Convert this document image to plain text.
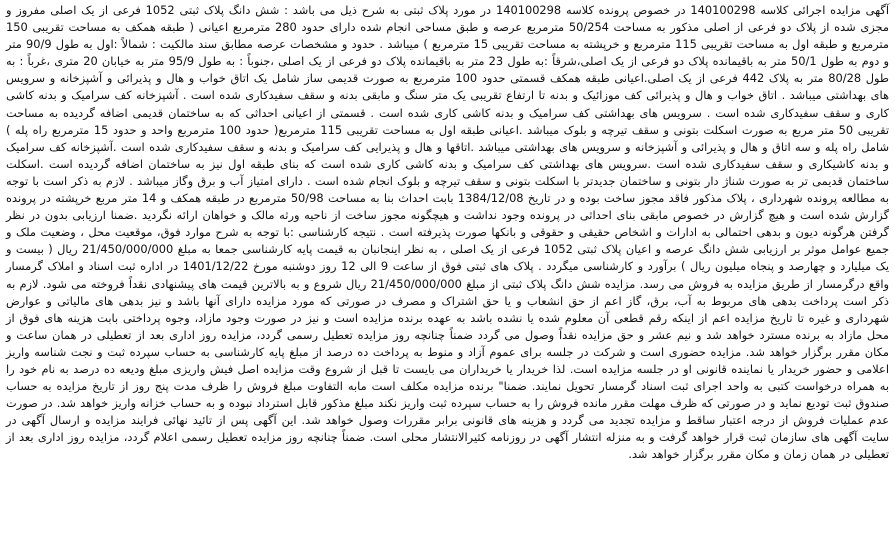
آگهی مزایده اجرائی کلاسه 140100298 در خصوص پرونده کلاسه 140100298 در مورد پلاک ثبتی به شرح ذیل می باشد : شش دانگ پلاک ثبتی 1052 فرعی از یک اصلی مفروز و مجزی شده از پلاک دو فرعی از اصلی مذکور به مساحت 50/254 مترمربع عرصه و طبق مساحی انجام شده دارای حدود 280 مترمربع اعیانی ( طبقه همکف به مساحت تقریبی 150 مترمربع و طبقه اول به مساحت تقریبی 115 مترمربع و خرپشته به مساحت تقریبی 15 مترمربع ) میباشد . حدود و مشخصات عرصه مطابق سند مالکیت : شمالاً :اول به طول 90/9 متر و دوم به طول 50/1 متر به باقیمانده پلاک دو فرعی از یک اصلی،شرقاً :به طول 23 متر به باقیمانده پلاک دو فرعی از یک اصلی ،جنوباً : به طول 95/9 متر به خیابان 20 متری ،غرباً : به طول 80/28 متر به پلاک 442 فرعی از یک اصلی.اعیانی طبقه همکف قسمتی حدود 100 مترمربع به صورت قدیمی ساز شامل یک اتاق خواب و هال و پذیرائی و آشپزخانه و سرویس های بهداشتی میباشد . اتاق خواب و هال و پذیرائی کف موزائیک و بدنه تا ارتفاع تقریبی یک متر سنگ و مابقی بدنه و سقف سفیدکاری شده است . آشپزخانه کف سرامیک و بدنه کاشی کاری و سقف سفیدکاری شده است . سرویس های بهداشتی کف سرامیک و بدنه کاشی کاری شده است . قسمتی از اعیانی احداثی که به ساختمان قدیمی اضافه گردیده به مساحت تقریبی 50 متر مربع به صورت اسکلت بتونی و سقف تیرچه و بلوک میباشد .اعیانی طبقه اول به مساحت تقریبی 115 مترمربع( حدود 100 مترمربع واحد و حدود 15 مترمربع راه پله ) شامل راه پله و سه اتاق و هال و پذیرائی و آشپزخانه و سرویس های بهداشتی میباشد .اتاقها و هال و پذیرایی کف سرامیک و بدنه و سقف سفیدکاری شده است .آشپزخانه کف سرامیک و بدنه کاشیکاری و سقف سفیدکاری شده است .سرویس های بهداشتی کف سرامیک و بدنه کاشی کاری شده است که بنای طبقه اول نیز به ساختمان اضافه گردیده است .اسکلت ساختمان قدیمی تر به صورت شناژ دار بتونی و ساختمان جدیدتر با اسکلت بتونی و سقف تیرچه و بلوک انجام شده است . دارای امتیاز آب و برق وگاز میباشد . لازم به ذکر است با توجه به مطالعه پرونده شهرداری ، پلاک مذکور فاقد مجوز ساخت بوده و در تاریخ 1384/12/08 بابت احداث بنا به مساحت 50/98 مترمربع در طبقه همکف و 14 متر مربع خرپشته در پرونده گزارش شده است و هیچ گزارش در خصوص مابقی بنای احداثی در پرونده وجود نداشت و هیچگونه مجوز ساخت از ناحیه ورثه مالک و خواهان ارائه نگردید .ضمنا ارزیابی بدون در نظر گرفتن هرگونه دیون و بدهی احتمالی به ادارات و اشخاص حقیقی و حقوقی و بانکها صورت پذیرفته است . نتیجه کارشناسی :با توجه به شرح موارد فوق، موقعیت محل ، وضعیت ملک و جمیع عوامل موثر بر ارزیابی شش دانگ عرصه و اعیان پلاک ثبتی 1052 فرعی از یک اصلی ، به نظر اینجانبان به قیمت پایه کارشناسی جمعا به مبلغ 21/450/000/000 ریال ( بیست و یک میلیارد و چهارصد و پنجاه میلیون ریال ) برآورد و کارشناسی میگردد . پلاک های ثبتی فوق از ساعت 9 الی 12 روز دوشنبه مورخ 1401/12/22 در اداره ثبت اسناد و املاک گرمسار واقع درگرمسار از طریق مزایده به فروش می رسد. مزایده شش دانگ پلاک ثبتی از مبلغ 21/450/000/000 ریال شروع و به بالاترین قیمت های پیشنهادی نقداً فروخته می شود. لازم به ذکر است پرداخت بدهی های مربوط به آب، برق، گاز اعم از حق انشعاب و یا حق اشتراک و مصرف در صورتی که مورد مزایده دارای آنها باشد و نیز بدهی های مالیاتی و عوارض شهرداری و غیره تا تاریخ مزایده اعم از اینکه رقم قطعی آن معلوم شده یا نشده باشد به عهده برنده مزایده است و نیز در صورت وجود مازاد، وجوه پرداختی بابت هزینه های فوق از محل مازاد به برنده مسترد خواهد شد و نیم عشر و حق مزایده نقداً وصول می گردد ضمناً چنانچه روز مزایده تعطیل رسمی گردد، مزایده روز اداری بعد از تعطیلی در همان ساعت و مکان مقرر برگزار خواهد شد. مزایده حضوری است و شرکت در جلسه برای عموم آزاد و منوط به پرداخت ده درصد از مبلغ پایه کارشناسی به حساب سپرده ثبت و نجت شناسه واریز اعلامی و حضور خریدار یا نماینده قانونی او در جلسه مزایده است. لذا خریدار یا خریداران می بایست تا قبل از شروع وقت مزایده اصل فیش واریزی مبلغ ودیعه ده درصد به نام خود را به همراه درخواست کتبی به واحد اجرای ثبت اسناد گرمسار تحویل نمایند. ضمنا" برنده مزایده مکلف است مابه التفاوت مبلغ فروش را ظرف مدت پنج روز از تاریخ مزایده به حساب صندوق ثبت تودیع نماید و در صورتی که ظرف مهلت مقرر مانده فروش را به حساب سپرده ثبت واریز نکند مبلغ مذکور قابل استرداد نبوده و به حساب خزانه واریز خواهد شد. در صورت عدم عملیات فروش از درجه اعتبار ساقط و مزایده تجدید می گردد و هزینه های قانونی برابر مقررات وصول خواهد شد. این آگهی پس از تائید نهائی فرایند مزایده و ارسال آگهی در سایت آگهی های سازمان ثبت قرار خواهد گرفت و به منزله انتشار آگهی در روزنامه کثیرالانتشار محلی است. ضمناً چنانچه روز مزایده تعطیل رسمی اعلام گردد، مزایده روز اداری بعد از تعطیلی در همان زمان و مکان مقرر برگزار خواهد شد.
